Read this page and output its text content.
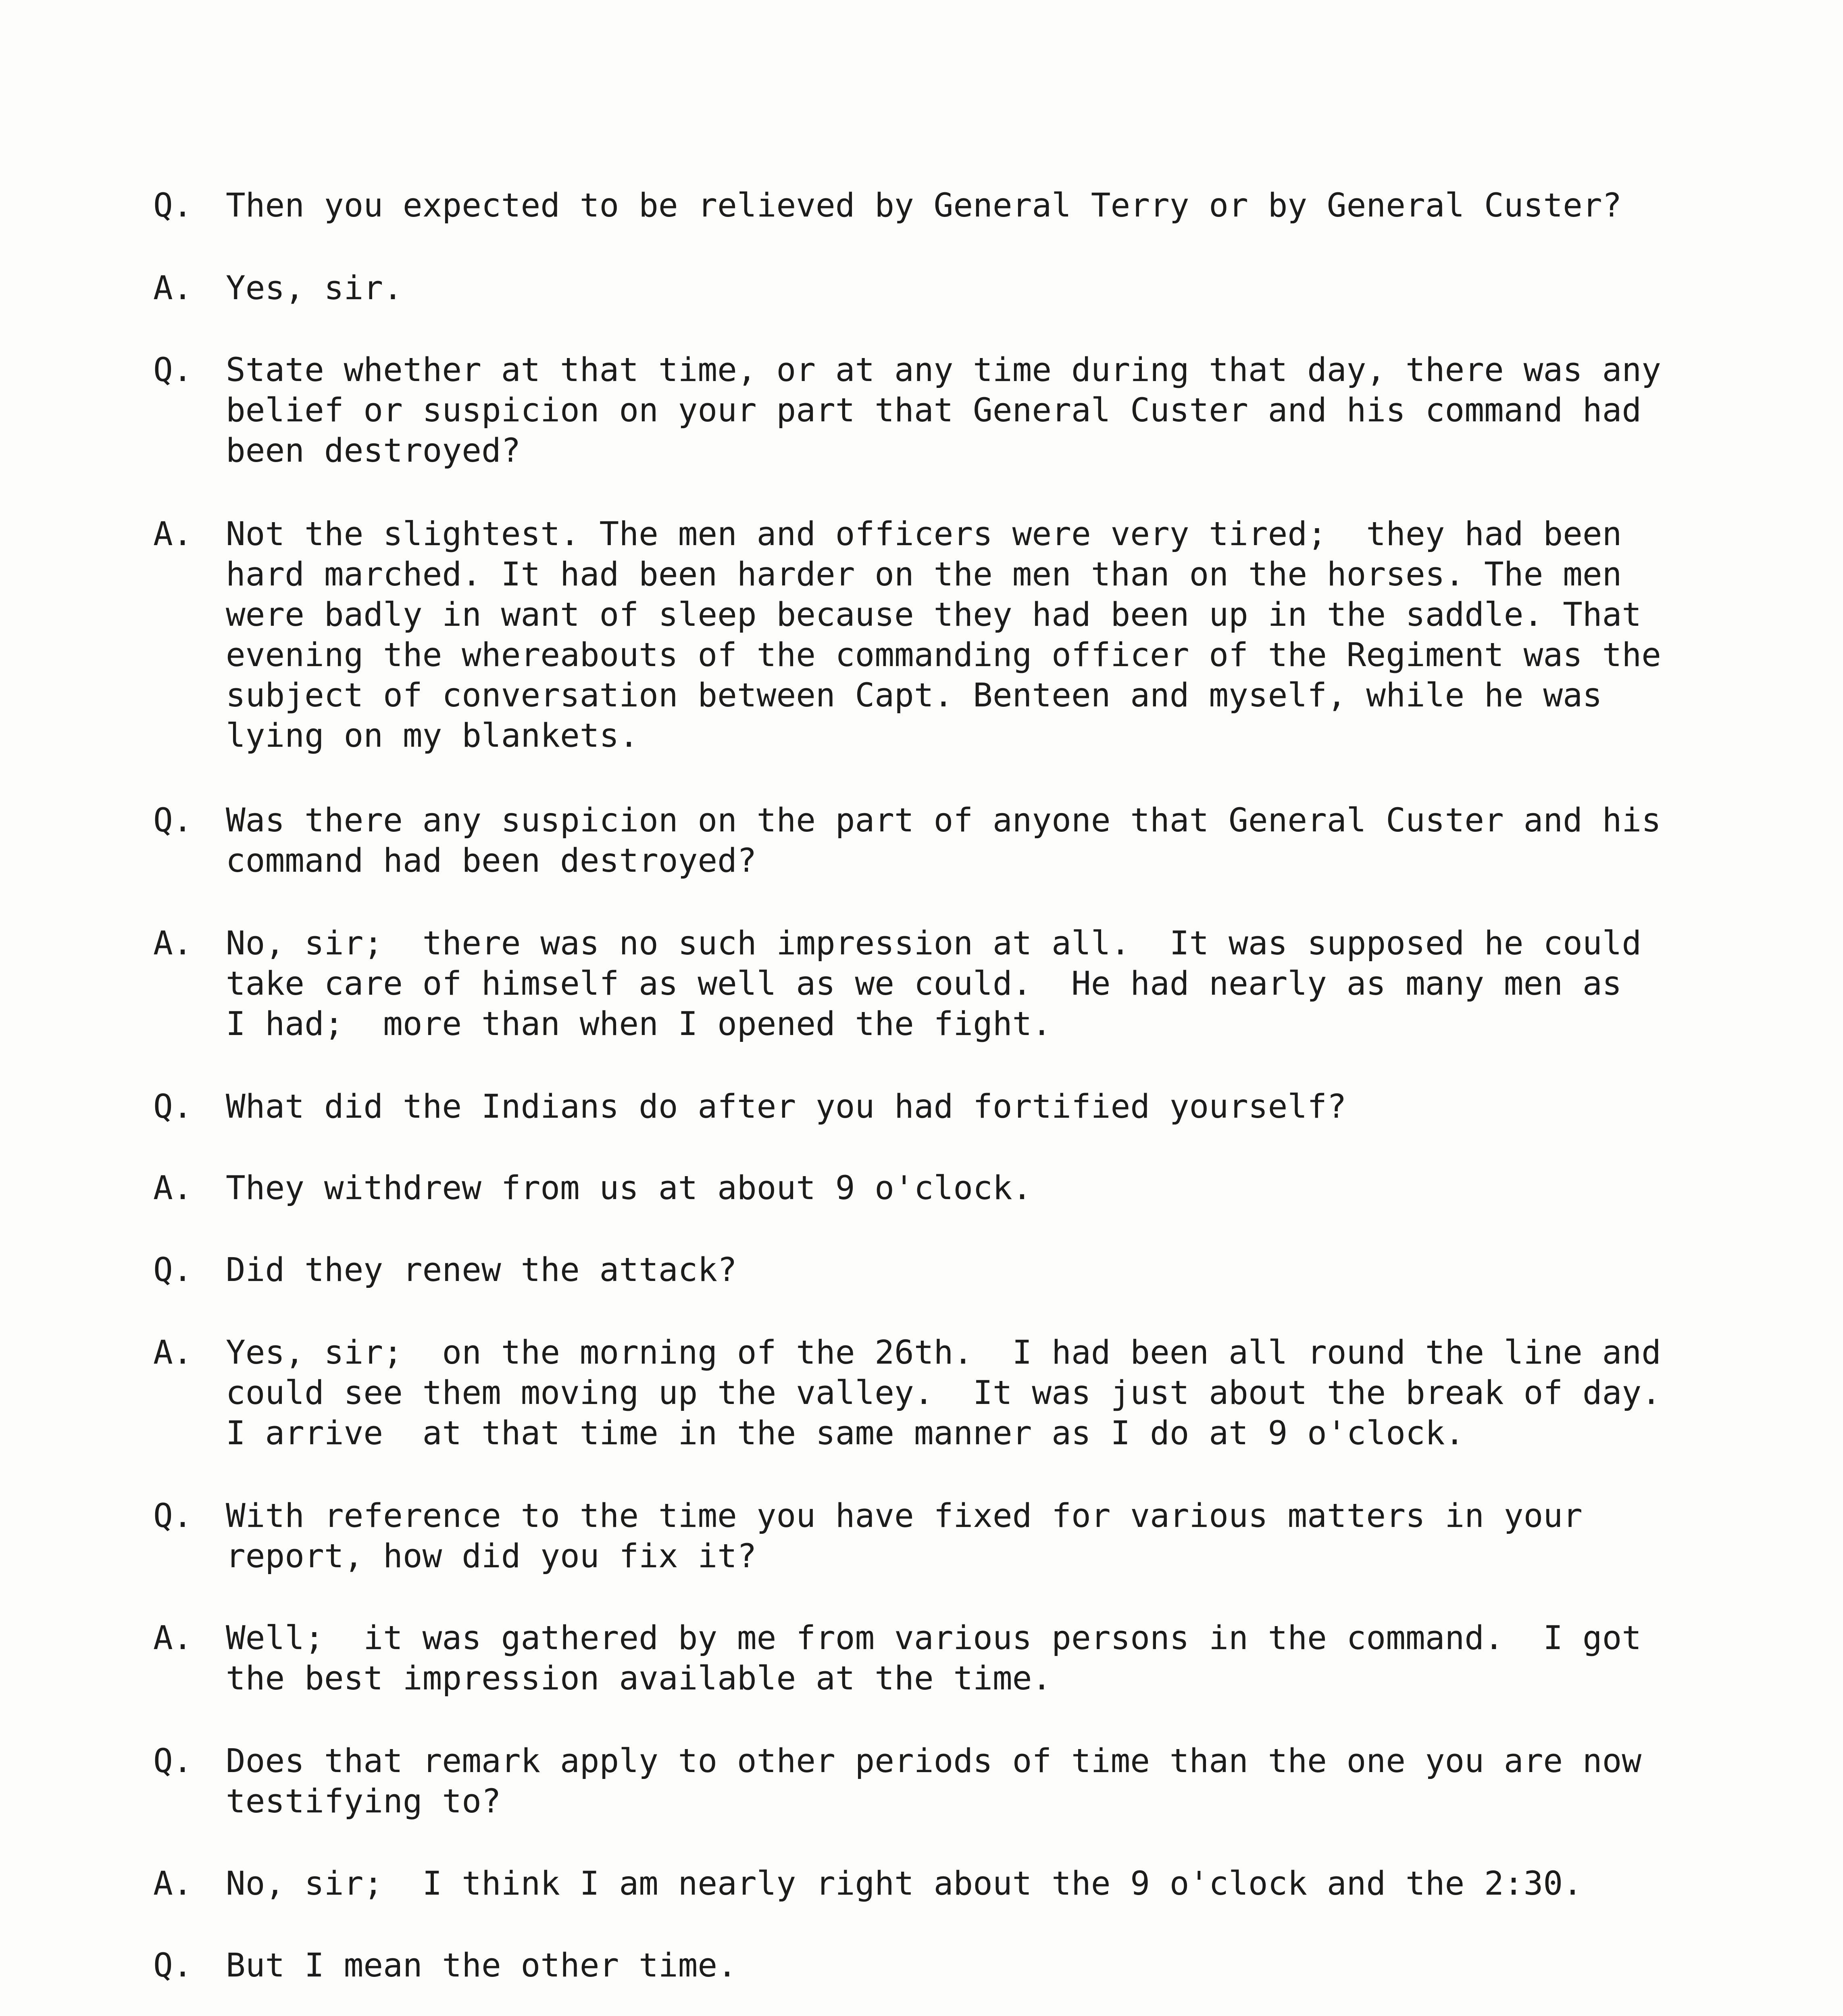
Q. Then you expected to be relieved by General Terry or by General Custer?
A. Yes, sir.
Q. State whether at that time, or at any time during that day, there was any
belief or suspicion on your part that General Custer and his command had
been destroyed?
A. Not the slightest. The men and officers were very tired;  they had been
hard marched. It had been harder on the men than on the horses. The men
were badly in want of sleep because they had been up in the saddle. That
evening the whereabouts of the commanding officer of the Regiment was the
subject of conversation between Capt. Benteen and myself, while he was
lying on my blankets.
Q. Was there any suspicion on the part of anyone that General Custer and his
command had been destroyed?
A. No, sir;  there was no such impression at all.  It was supposed he could
take care of himself as well as we could.  He had nearly as many men as
I had;  more than when I opened the fight.
Q. What did the Indians do after you had fortified yourself?
A. They withdrew from us at about 9 o'clock.
Q. Did they renew the attack?
A. Yes, sir;  on the morning of the 26th.  I had been all round the line and
could see them moving up the valley.  It was just about the break of day.
I arrive  at that time in the same manner as I do at 9 o'clock.
Q. With reference to the time you have fixed for various matters in your
report, how did you fix it?
A. Well;  it was gathered by me from various persons in the command.  I got
the best impression available at the time.
Q. Does that remark apply to other periods of time than the one you are now
testifying to?
A. No, sir;  I think I am nearly right about the 9 o'clock and the 2:30.
Q. But I mean the other time.
